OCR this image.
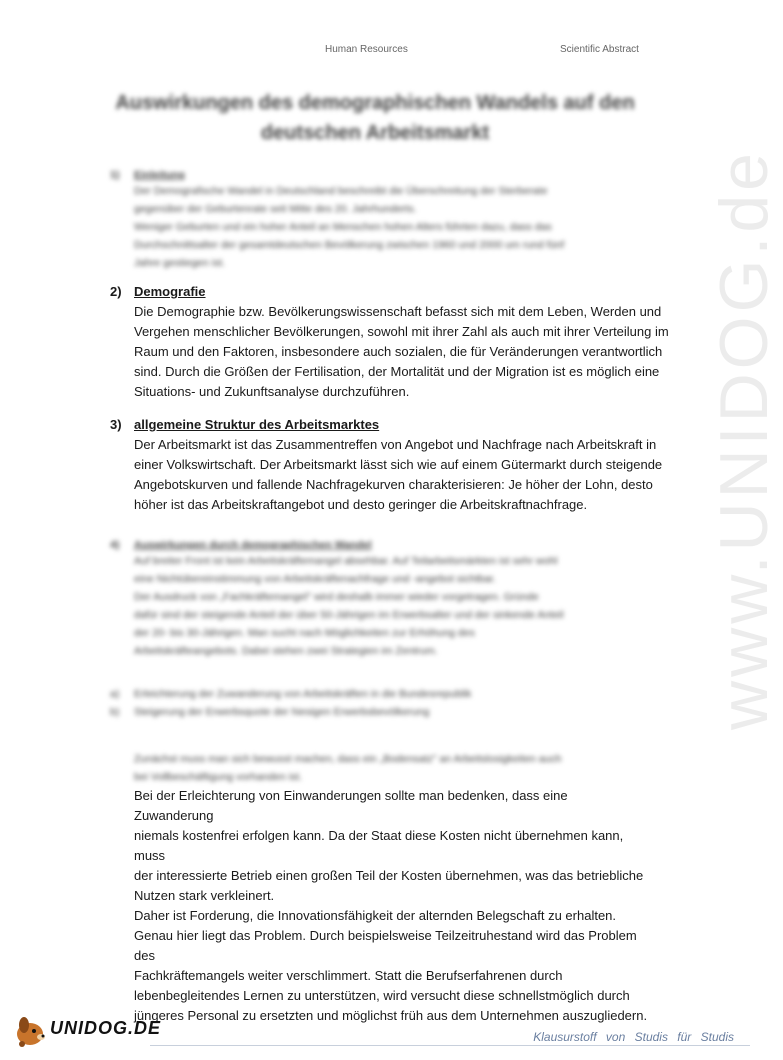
Human Resources	Scientific Abstract
Auswirkungen des demographischen Wandels auf den
deutschen Arbeitsmarkt
1) Einleitung

Der Demografische Wandel in Deutschland beschreibt die Überschreitung der Sterberate

gegenüber der Geburtenrate seit Mitte des 20. Jahrhunderts.

Weniger Geburten und ein hoher Anteil an Menschen hohen Alters führten dazu, dass das

Durchschnittsalter der gesamtdeutschen Bevölkerung zwischen 1960 und 2000 um rund fünf

Jahre gestiegen ist.

2) Demografie

Die Demographie bzw. Bevölkerungswissenschaft befasst sich mit dem Leben, Werden und

Vergehen menschlicher Bevölkerungen, sowohl mit ihrer Zahl als auch mit ihrer Verteilung im

Raum und den Faktoren, insbesondere auch sozialen, die für Veränderungen verantwortlich

sind. Durch die Größen der Fertilisation, der Mortalität und der Migration ist es möglich eine

Situations- und Zukunftsanalyse durchzuführen.

3) allgemeine Struktur des Arbeitsmarktes

Der Arbeitsmarkt ist das Zusammentreffen von Angebot und Nachfrage nach Arbeitskraft in

einer Volkswirtschaft. Der Arbeitsmarkt lässt sich wie auf einem Gütermarkt durch steigende

Angebotskurven und fallende Nachfragekurven charakterisieren: Je höher der Lohn, desto

höher ist das Arbeitskraftangebot und desto geringer die Arbeitskraftnachfrage.

4) Auswirkungen durch demographischen Wandel

Auf breiter Front ist kein Arbeitskräftemangel absehbar. Auf Teilarbeitsmärkten ist sehr wohl

eine Nichtübereinstimmung von Arbeitskräftenachfrage und -angebot sichtbar.

Der Ausdruck von „Fachkräftemangel" wird deshalb immer wieder vorgetragen. Gründe

dafür sind der steigende Anteil der über 50-Jährigen im Erwerbsalter und der sinkende Anteil

der 20- bis 30-Jährigen. Man sucht nach Möglichkeiten zur Erhöhung des

Arbeitskräfteangebots. Dabei stehen zwei Strategien im Zentrum.

a) Erleichterung der Zuwanderung von Arbeitskräften in die Bundesrepublik
b) Steigerung der Erwerbsquote der hiesigen Erwerbsbevölkerung
Zunächst muss man sich bewusst machen, dass ein „Bodensatz" an Arbeitslosigkeiten auch
bei Vollbeschäftigung vorhanden ist.

Bei der Erleichterung von Einwanderungen sollte man bedenken, dass eine Zuwanderung

niemals kostenfrei erfolgen kann. Da der Staat diese Kosten nicht übernehmen kann, muss

der interessierte Betrieb einen großen Teil der Kosten übernehmen, was das betriebliche

Nutzen stark verkleinert.

Daher ist Forderung, die Innovationsfähigkeit der alternden Belegschaft zu erhalten.

Genau hier liegt das Problem. Durch beispielsweise Teilzeitruhestand wird das Problem des

Fachkräftemangels weiter verschlimmert. Statt die Berufserfahrenen durch

lebenbegleitendes Lernen zu unterstützen, wird versucht diese schnellstmöglich durch

jüngeres Personal zu ersetzten und möglichst früh aus dem Unternehmen auszugliedern.

www.UNIDOG.de
UNIDOG.DE	Klausurstoff von Studis für Studis
